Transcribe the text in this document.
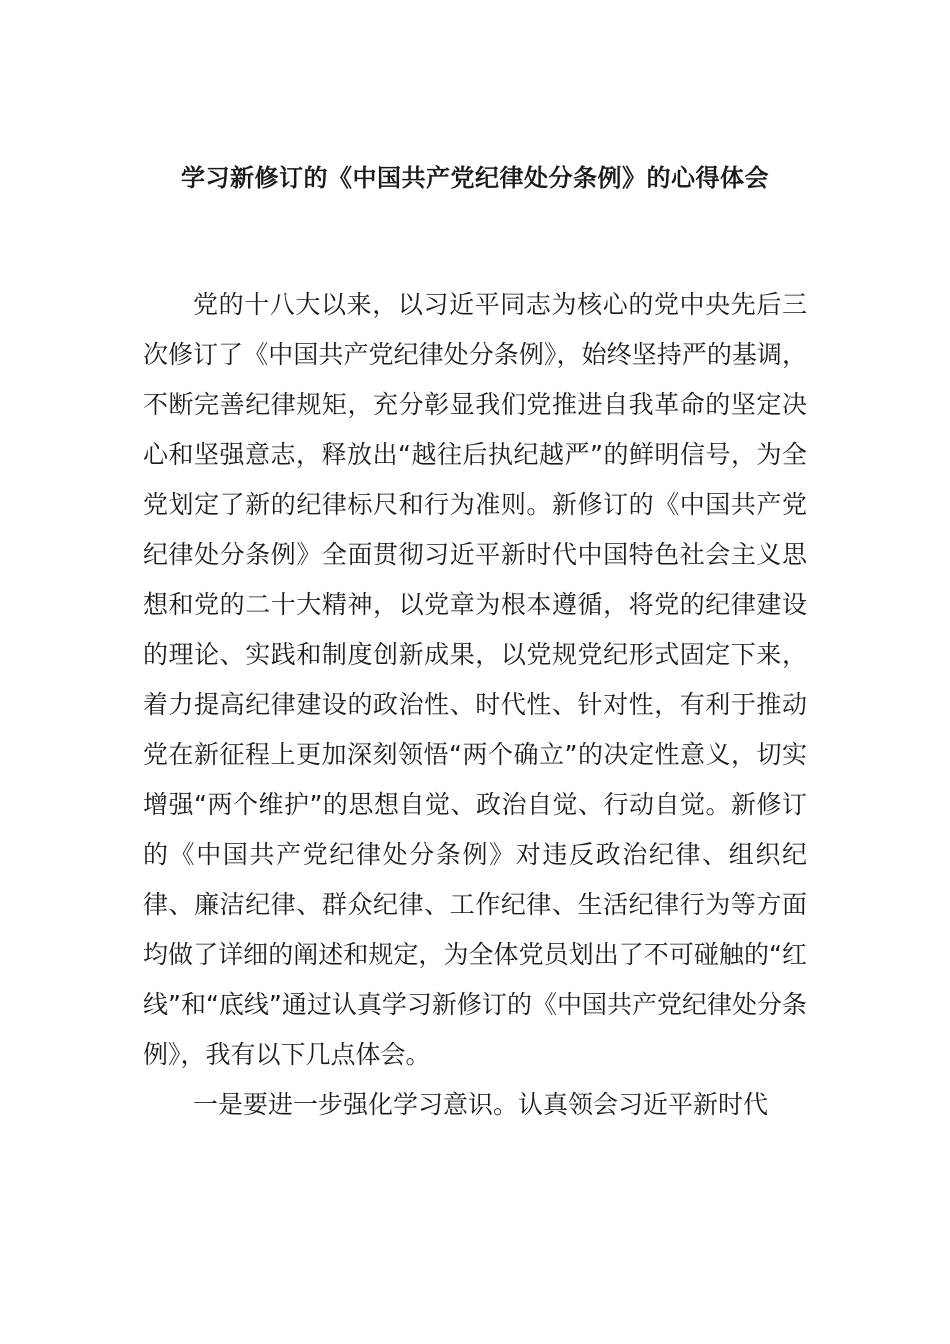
学习新修订的《中国共产党纪律处分条例》的心得体会

党的十八大以来，以习近平同志为核心的党中央先后三次修订了《中国共产党纪律处分条例》，始终坚持严的基调，不断完善纪律规矩，充分彰显我们党推进自我革命的坚定决心和坚强意志，释放出“越往后执纪越严”的鲜明信号，为全党划定了新的纪律标尺和行为准则。新修订的《中国共产党纪律处分条例》全面贯彻习近平新时代中国特色社会主义思想和党的二十大精神，以党章为根本遵循，将党的纪律建设的理论、实践和制度创新成果，以党规党纪形式固定下来，着力提高纪律建设的政治性、时代性、针对性，有利于推动党在新征程上更加深刻领悟“两个确立”的决定性意义，切实增强“两个维护”的思想自觉、政治自觉、行动自觉。新修订的《中国共产党纪律处分条例》对违反政治纪律、组织纪律、廉洁纪律、群众纪律、工作纪律、生活纪律行为等方面均做了详细的阐述和规定，为全体党员划出了不可碰触的“红线”和“底线”通过认真学习新修订的《中国共产党纪律处分条例》，我有以下几点体会。

一是要进一步强化学习意识。认真领会习近平新时代
